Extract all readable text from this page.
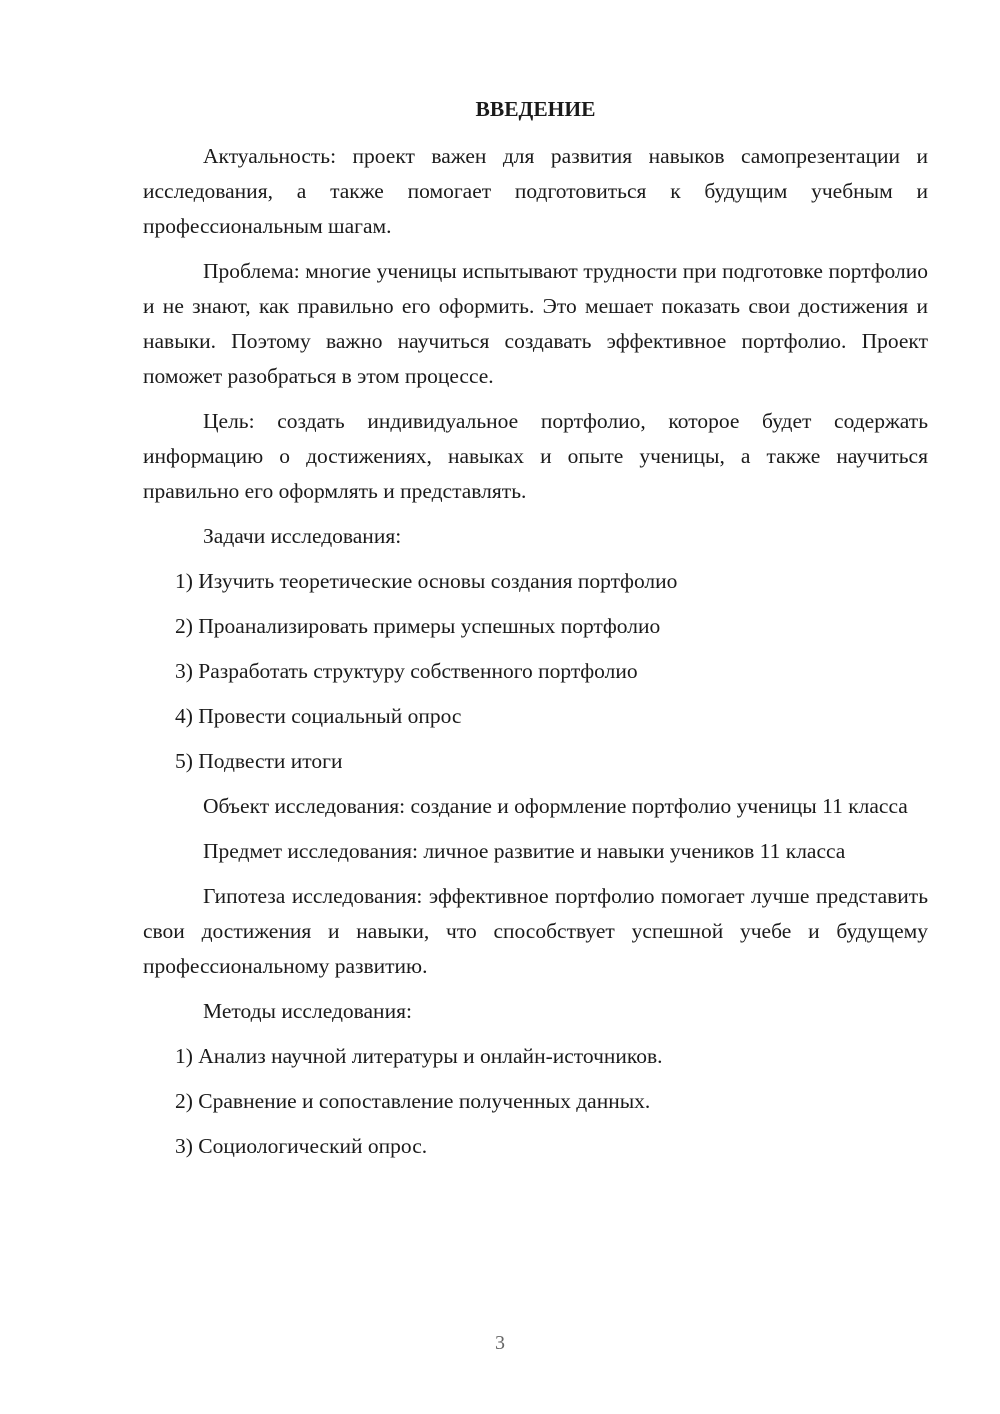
ВВЕДЕНИЕ

Актуальность: проект важен для развития навыков самопрезентации и исследования, а также помогает подготовиться к будущим учебным и профессиональным шагам.

Проблема: многие ученицы испытывают трудности при подготовке портфолио и не знают, как правильно его оформить. Это мешает показать свои достижения и навыки. Поэтому важно научиться создавать эффективное портфолио. Проект поможет разобраться в этом процессе.

Цель: создать индивидуальное портфолио, которое будет содержать информацию о достижениях, навыках и опыте ученицы, а также научиться правильно его оформлять и представлять.

Задачи исследования:

1) Изучить теоретические основы создания портфолио

2) Проанализировать примеры успешных портфолио

3) Разработать структуру собственного портфолио

4) Провести социальный опрос

5) Подвести итоги

Объект исследования: создание и оформление портфолио ученицы 11 класса

Предмет исследования: личное развитие и навыки учеников 11 класса

Гипотеза исследования: эффективное портфолио помогает лучше представить свои достижения и навыки, что способствует успешной учебе и будущему профессиональному развитию.

Методы исследования:

1) Анализ научной литературы и онлайн-источников.

2) Сравнение и сопоставление полученных данных.

3) Социологический опрос.

3
